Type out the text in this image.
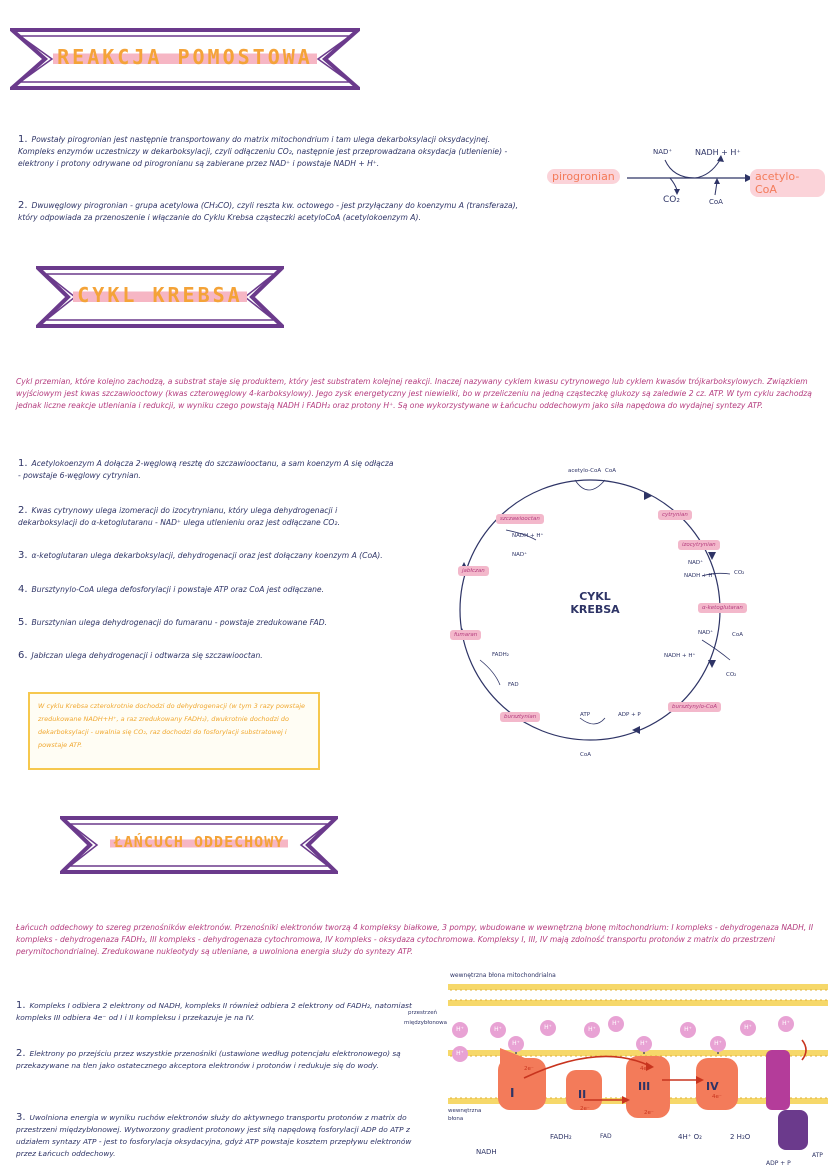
REAKCJA POMOSTOWA
1. Powstały pirogronian jest następnie transportowany do matrix mitochondrium i tam ulega dekarboksylacji oksydacyjnej. Kompleks enzymów uczestniczy w dekarboksylacji, czyli odłączeniu CO₂, następnie jest przeprowadzana oksydacja (utlenienie) - elektrony i protony odrywane od pirogronianu są zabierane przez NAD⁺ i powstaje NADH + H⁺.
2. Dwuwęglowy pirogronian - grupa acetylowa (CH₃CO), czyli reszta kw. octowego - jest przyłączany do koenzymu A (transferaza), który odpowiada za przenoszenie i włączanie do Cyklu Krebsa cząsteczki acetyloCoA (acetylokoenzym A).
pirogronian	acetylo-CoA
NAD⁺	NADH + H⁺
CO₂	CoA
CYKL KREBSA
Cykl przemian, które kolejno zachodzą, a substrat staje się produktem, który jest substratem kolejnej reakcji. Inaczej nazywany cyklem kwasu cytrynowego lub cyklem kwasów trójkarboksylowych. Związkiem wyjściowym jest kwas szczawiooctowy (kwas czterowęglowy 4-karboksylowy). Jego zysk energetyczny jest niewielki, bo w przeliczeniu na jedną cząsteczkę glukozy są zaledwie 2 cz. ATP. W tym cyklu zachodzą jednak liczne reakcje utleniania i redukcji, w wyniku czego powstają NADH i FADH₂ oraz protony H⁺. Są one wykorzystywane w Łańcuchu oddechowym jako siła napędowa do wydajnej syntezy ATP.
1. Acetylokoenzym A dołącza 2-węglową resztę do szczawiooctanu, a sam koenzym A się odłącza - powstaje 6-węglowy cytrynian.
2. Kwas cytrynowy ulega izomeracji do izocytrynianu, który ulega dehydrogenacji i dekarboksylacji do α-ketoglutaranu - NAD⁺ ulega utlenieniu oraz jest odłączane CO₂.
3. α-ketoglutaran ulega dekarboksylacji, dehydrogenacji oraz jest dołączany koenzym A (CoA).
4. Bursztynylo-CoA ulega defosforylacji i powstaje ATP oraz CoA jest odłączane.
5. Bursztynian ulega dehydrogenacji do fumaranu - powstaje zredukowane FAD.
6. Jabłczan ulega dehydrogenacji i odtwarza się szczawiooctan.
W cyklu Krebsa czterokrotnie dochodzi do dehydrogenacji (w tym 3 razy powstaje zredukowane NADH+H⁺, a raz zredukowany FADH₂), dwukrotnie dochodzi do dekarboksylacji - uwalnia się CO₂, raz dochodzi do fosforylacji substratowej i powstaje ATP.
CYKL
KREBSA
acetylo-CoA CoA
szczawiooctan
cytrynian
izocytrynian
α-ketoglutaran
bursztynylo-CoA
bursztynian
fumaran
jabłczan
NADH + H⁺
NAD⁺
NAD⁺
NADH + H⁺	CO₂
NAD⁺	CoA
NADH + H⁺
CO₂
ATP	ADP + P
CoA
FADH₂
FAD
ŁAŃCUCH ODDECHOWY
Łańcuch oddechowy to szereg przenośników elektronów. Przenośniki elektronów tworzą 4 kompleksy białkowe, 3 pompy, wbudowane w wewnętrzną błonę mitochondrium: I kompleks - dehydrogenaza NADH, II kompleks - dehydrogenaza FADH₂, III kompleks - dehydrogenaza cytochromowa, IV kompleks - oksydaza cytochromowa. Kompleksy I, III, IV mają zdolność transportu protonów z matrix do przestrzeni perymitochondrialnej. Zredukowane nukleotydy są utleniane, a uwolniona energia służy do syntezy ATP.
1. Kompleks I odbiera 2 elektrony od NADH, kompleks II również odbiera 2 elektrony od FADH₂, natomiast kompleks III odbiera 4e⁻ od I i II kompleksu i przekazuje je na IV.
2. Elektrony po przejściu przez wszystkie przenośniki (ustawione według potencjału elektronowego) są przekazywane na tlen jako ostatecznego akceptora elektronów i protonów i redukuje się do wody.
3. Uwolniona energia w wyniku ruchów elektronów służy do aktywnego transportu protonów z matrix do przestrzeni międzybłonowej. Wytworzony gradient protonowy jest siłą napędową fosforylacji ADP do ATP z udziałem syntazy ATP - jest to fosforylacja oksydacyjna, gdyż ATP powstaje kosztem przepływu elektronów przez Łańcuch oddechowy.
wewnętrzna błona mitochondrialna
przestrzeń
międzybłonowa
wewnętrzna
błona
H⁺	H⁺	H⁺	H⁺
H⁺
H⁺	H⁺
H⁺
H⁺
H⁺	H⁺	H⁺
I	II
III	IV
2e⁻
2e⁻
4e⁻
2e⁻
4e⁻
NADH
FADH₂	FAD	4H⁺ O₂	2 H₂O
ADP + P
ATP
